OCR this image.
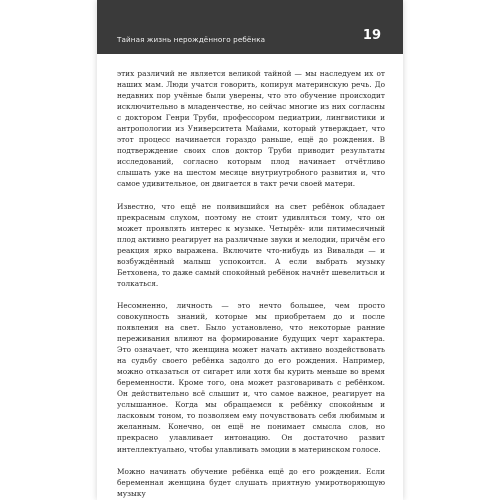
Тайная жизнь нерождённого ребёнка	19

этих различий не является великой тайной — мы наследуем их от наших мам. Люди учатся говорить, копируя материнскую речь. До недавних пор учёные были уверены, что это обучение происходит исключительно в младенчестве, но сейчас многие из них согласны с доктором Генри Труби, профессором педиатрии, лингвистики и антропологии из Университета Майами, который утверждает, что этот процесс начинается гораздо раньше, ещё до рождения. В подтверждение своих слов доктор Труби приводит результаты исследований, согласно которым плод начинает отчётливо слышать уже на шестом месяце внутриутробного развития и, что самое удивительное, он двигается в такт речи своей матери.

Известно, что ещё не появившийся на свет ребёнок обладает прекрасным слухом, поэтому не стоит удивляться тому, что он может проявлять интерес к музыке. Четырёх- или пятимесячный плод активно реагирует на различные звуки и мелодии, причём его реакция ярко выражена. Включите что-нибудь из Вивальди — и возбуждённый малыш успокоится. А если выбрать музыку Бетховена, то даже самый спокойный ребёнок начнёт шевелиться и толкаться.

Несомненно, личность — это нечто большее, чем просто совокупность знаний, которые мы приобретаем до и после появления на свет. Было установлено, что некоторые ранние переживания влияют на формирование будущих черт характера. Это означает, что женщина может начать активно воздействовать на судьбу своего ребёнка задолго до его рождения. Например, можно отказаться от сигарет или хотя бы курить меньше во время беременности. Кроме того, она может разговаривать с ребёнком. Он действительно всё слышит и, что самое важное, реагирует на услышанное. Когда мы обращаемся к ребёнку спокойным и ласковым тоном, то позволяем ему почувствовать себя любимым и желанным. Конечно, он ещё не понимает смысла слов, но прекрасно улавливает интонацию. Он достаточно развит интеллектуально, чтобы улавливать эмоции в материнском голосе.

Можно начинать обучение ребёнка ещё до его рождения. Если беременная женщина будет слушать приятную умиротворяющую музыку
